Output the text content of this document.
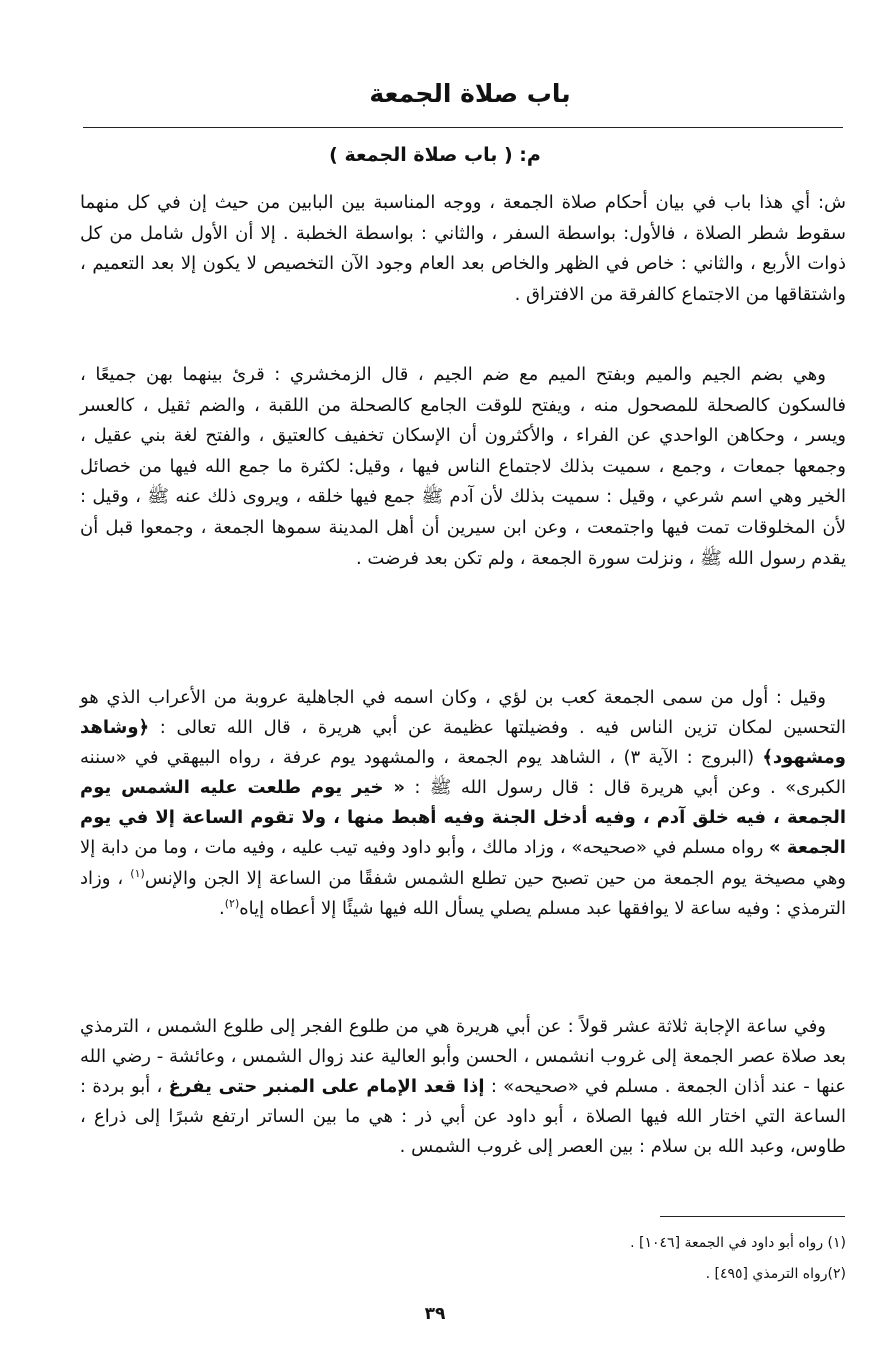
باب صلاة الجمعة
م: ( باب صلاة الجمعة )

ش: أي هذا باب في بيان أحكام صلاة الجمعة ، ووجه المناسبة بين البابين من حيث إن في كل منهما سقوط شطر الصلاة ، فالأول: بواسطة السفر ، والثاني : بواسطة الخطبة . إلا أن الأول شامل من كل ذوات الأربع ، والثاني : خاص في الظهر والخاص بعد العام وجود الآن التخصيص لا يكون إلا بعد التعميم ، واشتقاقها من الاجتماع كالفرقة من الافتراق .

وهي بضم الجيم والميم وبفتح الميم مع ضم الجيم ، قال الزمخشري : قرئ بينهما بهن جميعًا ، فالسكون كالصحلة للمصحول منه ، ويفتح للوقت الجامع كالصحلة من اللقبة ، والضم ثقيل ، كالعسر ويسر ، وحكاهن الواحدي عن الفراء ، والأكثرون أن الإسكان تخفيف كالعتيق ، والفتح لغة بني عقيل ، وجمعها جمعات ، وجمع ، سميت بذلك لاجتماع الناس فيها ، وقيل: لكثرة ما جمع الله فيها من خصائل الخير وهي اسم شرعي ، وقيل : سميت بذلك لأن آدم ﷺ جمع فيها خلقه ، ويروى ذلك عنه ﷺ ، وقيل : لأن المخلوقات تمت فيها واجتمعت ، وعن ابن سيرين أن أهل المدينة سموها الجمعة ، وجمعوا قبل أن يقدم رسول الله ﷺ ، ونزلت سورة الجمعة ، ولم تكن بعد فرضت .

وقيل : أول من سمى الجمعة كعب بن لؤي ، وكان اسمه في الجاهلية عروبة من الأعراب الذي هو التحسين لمكان تزين الناس فيه . وفضيلتها عظيمة عن أبي هريرة ، قال الله تعالى : ﴿وشاهد ومشهود﴾ (البروج : الآية ٣) ، الشاهد يوم الجمعة ، والمشهود يوم عرفة ، رواه البيهقي في «سننه الكبرى» . وعن أبي هريرة قال : قال رسول الله ﷺ : « خير يوم طلعت عليه الشمس يوم الجمعة ، فيه خلق آدم ، وفيه أدخل الجنة وفيه أهبط منها ، ولا تقوم الساعة إلا في يوم الجمعة » رواه مسلم في «صحيحه» ، وزاد مالك ، وأبو داود وفيه تيب عليه ، وفيه مات ، وما من دابة إلا وهي مصيخة يوم الجمعة من حين تصبح حين تطلع الشمس شفقًا من الساعة إلا الجن والإنس$^{(١)}$ ، وزاد الترمذي : وفيه ساعة لا يوافقها عبد مسلم يصلي يسأل الله فيها شيئًا إلا أعطاه إياه$^{(٢)}$.

وفي ساعة الإجابة ثلاثة عشر قولاً : عن أبي هريرة هي من طلوع الفجر إلى طلوع الشمس ، الترمذي بعد صلاة عصر الجمعة إلى غروب انشمس ، الحسن وأبو العالية عند زوال الشمس ، وعائشة - رضي الله عنها - عند أذان الجمعة . مسلم في «صحيحه» : إذا قعد الإمام على المنبر حتى يفرغ ، أبو بردة : الساعة التي اختار الله فيها الصلاة ، أبو داود عن أبي ذر : هي ما بين الساتر ارتفع شبرًا إلى ذراع ، طاوس، وعبد الله بن سلام : بين العصر إلى غروب الشمس .

(١) رواه أبو داود في الجمعة [١٠٤٦] .
(٢)رواه الترمذي [٤٩٥] .
٣٩
